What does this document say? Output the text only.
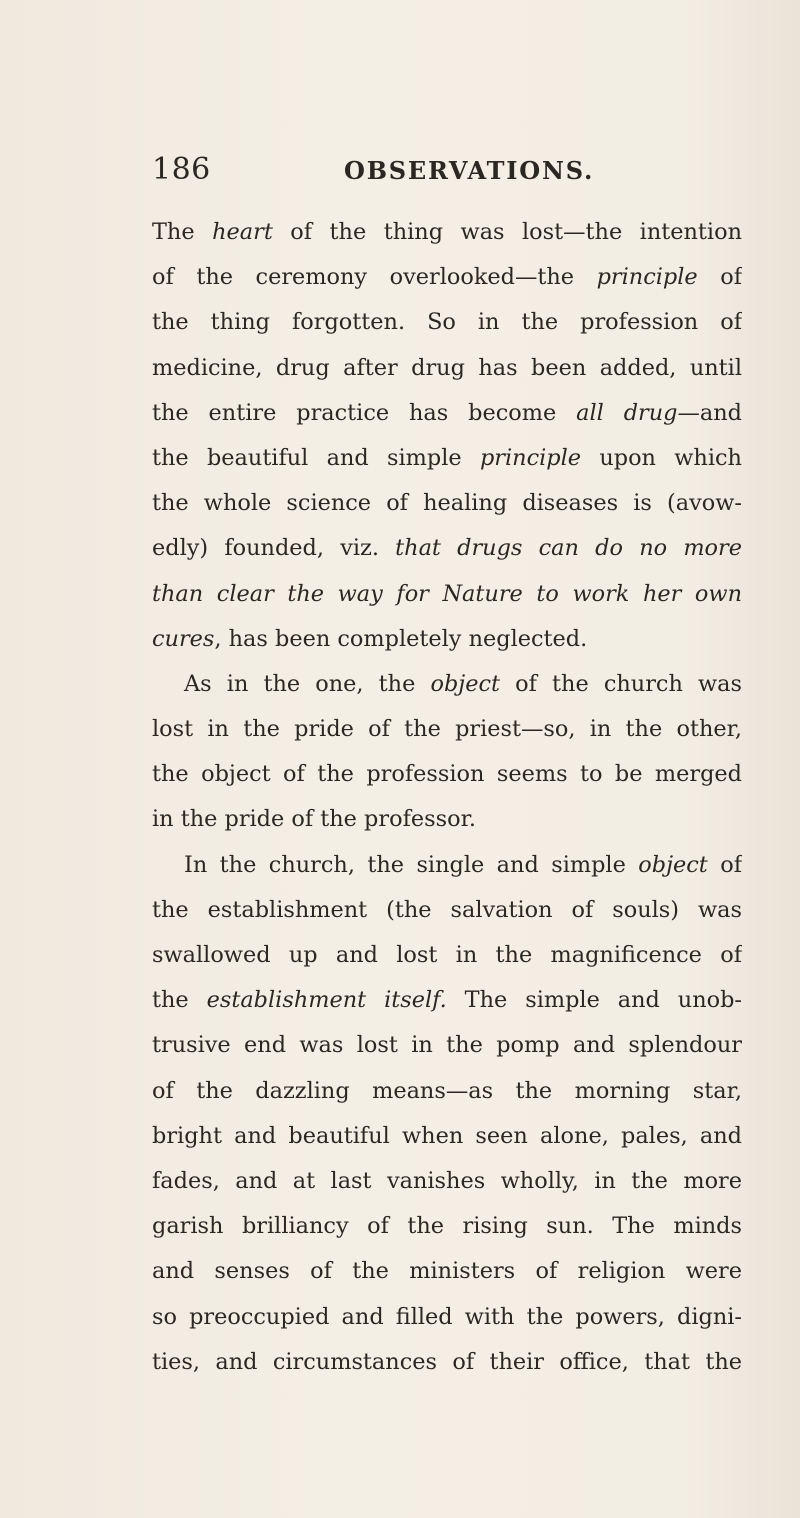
186	OBSERVATIONS.
The heart of the thing was lost—the intention
of the ceremony overlooked—the principle of
the thing forgotten. So in the profession of
medicine, drug after drug has been added, until
the entire practice has become all drug—and
the beautiful and simple principle upon which
the whole science of healing diseases is (avow-
edly) founded, viz. that drugs can do no more
than clear the way for Nature to work her own
cures, has been completely neglected.
As in the one, the object of the church was
lost in the pride of the priest—so, in the other,
the object of the profession seems to be merged
in the pride of the professor.
In the church, the single and simple object of
the establishment (the salvation of souls) was
swallowed up and lost in the magnificence of
the establishment itself. The simple and unob-
trusive end was lost in the pomp and splendour
of the dazzling means—as the morning star,
bright and beautiful when seen alone, pales, and
fades, and at last vanishes wholly, in the more
garish brilliancy of the rising sun. The minds
and senses of the ministers of religion were
so preoccupied and filled with the powers, digni-
ties, and circumstances of their office, that the
